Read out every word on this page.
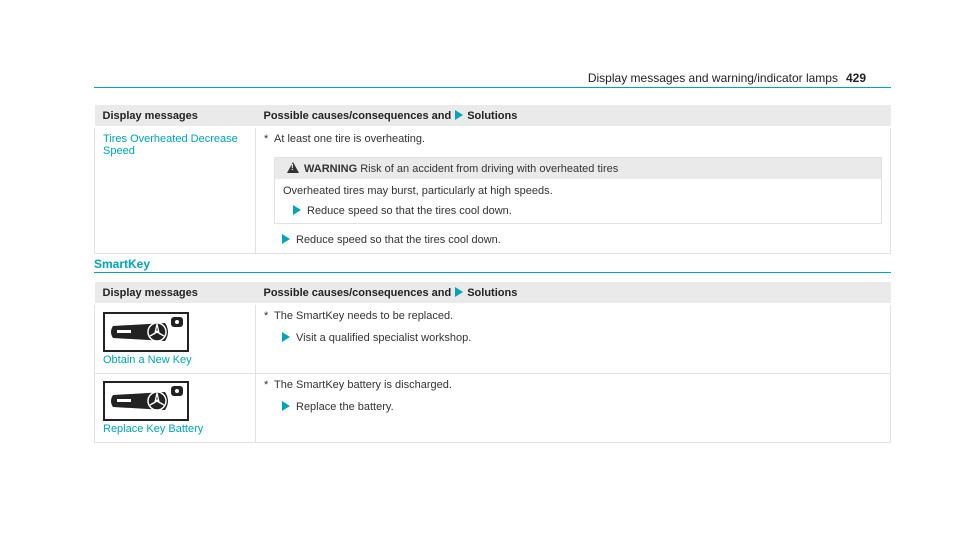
Display messages and warning/indicator lamps 429
Display messages	Possible causes/consequences and Solutions
Tires Overheated Decrease Speed	* At least one tire is overheating.
!WARNING Risk of an accident from driving with overheated tires
Overheated tires may burst, particularly at high speeds.
Reduce speed so that the tires cool down.
Reduce speed so that the tires cool down.
SmartKey
Display messages	Possible causes/consequences and Solutions

Obtain a New Key	* The SmartKey needs to be replaced.
Visit a qualified specialist workshop.

Replace Key Battery	* The SmartKey battery is discharged.
Replace the battery.
